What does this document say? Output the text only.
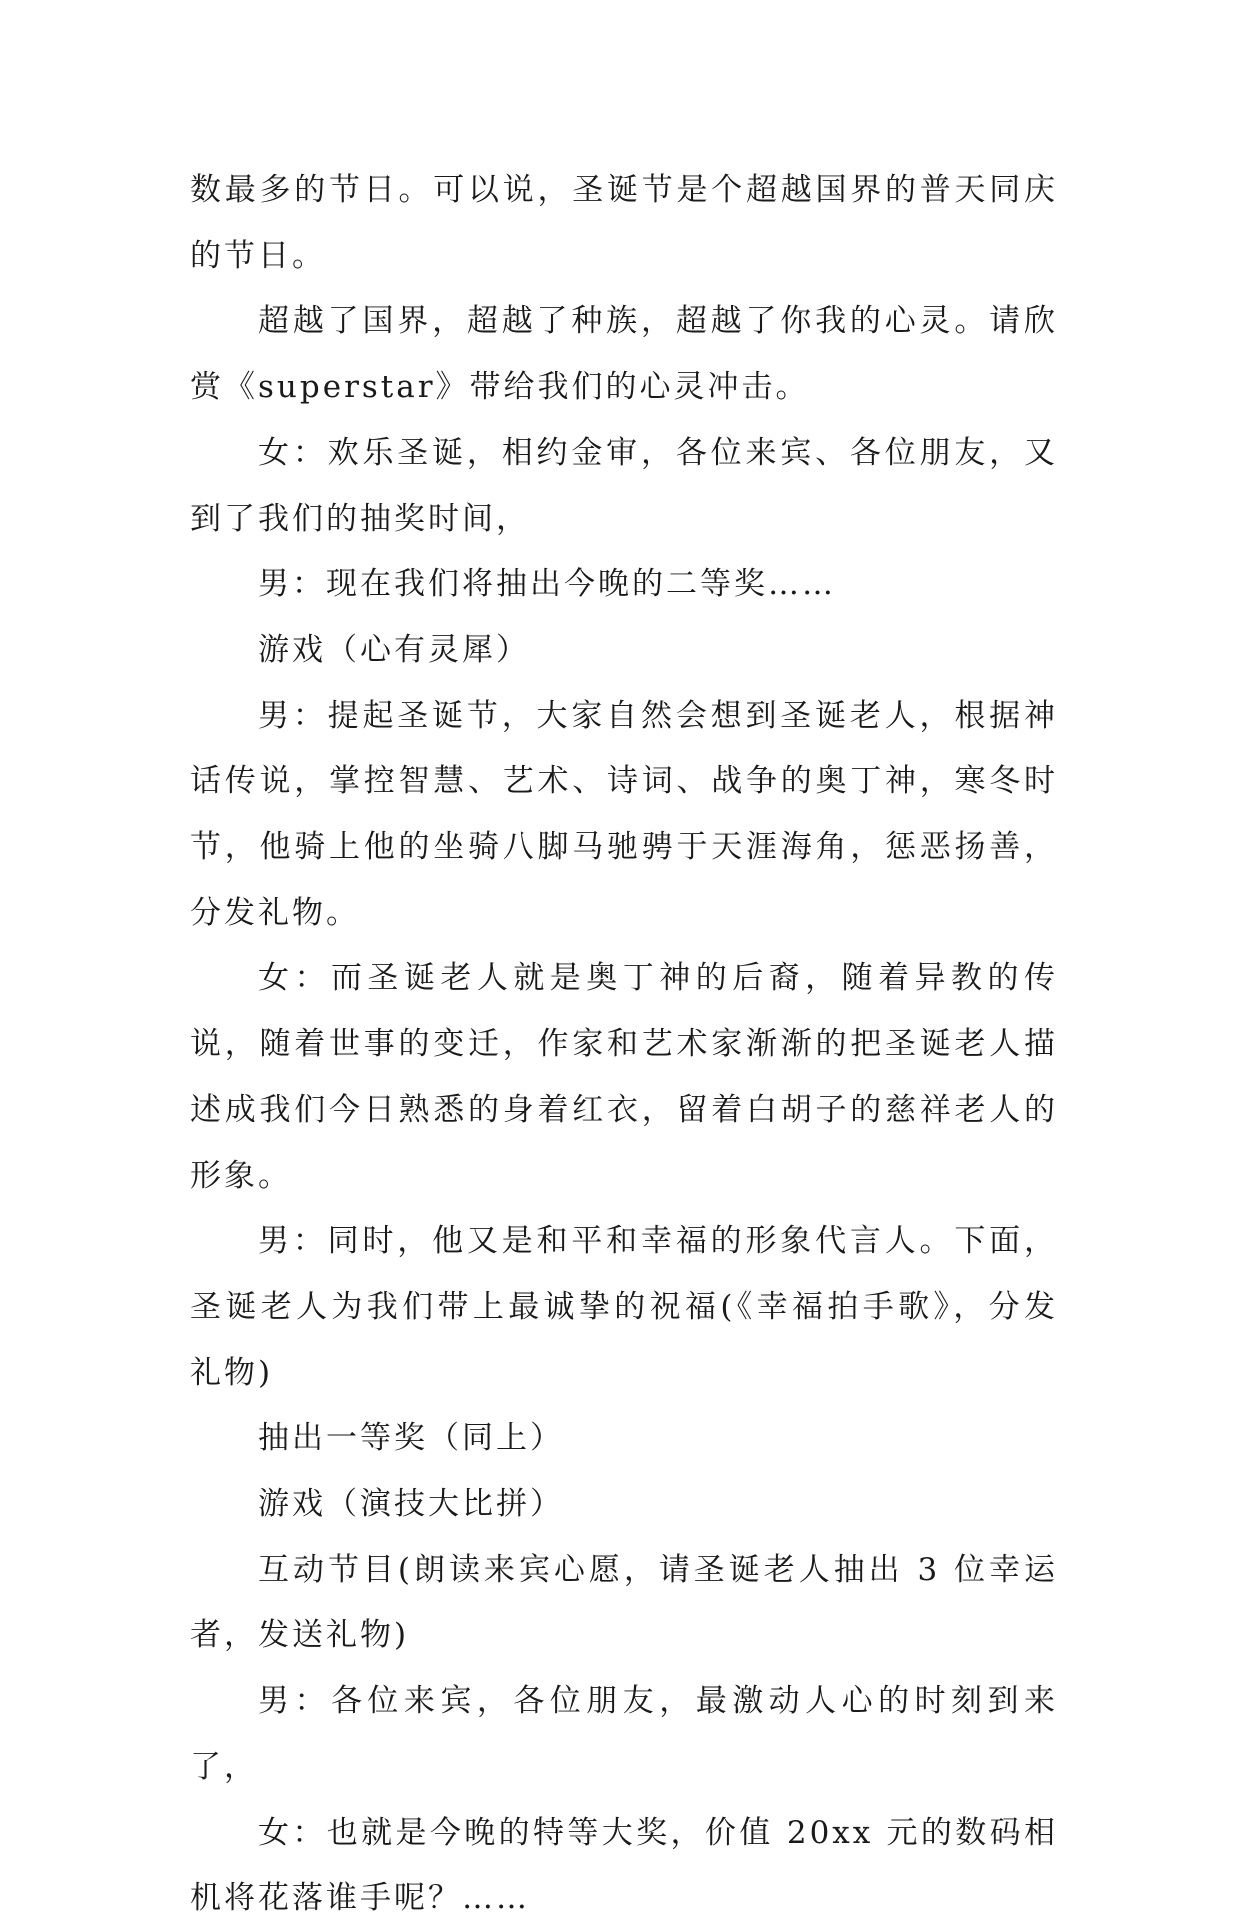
数最多的节日。可以说，圣诞节是个超越国界的普天同庆的节日。

超越了国界，超越了种族，超越了你我的心灵。请欣赏《superstar》带给我们的心灵冲击。

女：欢乐圣诞，相约金审，各位来宾、各位朋友，又到了我们的抽奖时间，

男：现在我们将抽出今晚的二等奖……

游戏（心有灵犀）

男：提起圣诞节，大家自然会想到圣诞老人，根据神话传说，掌控智慧、艺术、诗词、战争的奥丁神，寒冬时节，他骑上他的坐骑八脚马驰骋于天涯海角，惩恶扬善，分发礼物。

女：而圣诞老人就是奥丁神的后裔，随着异教的传说，随着世事的变迁，作家和艺术家渐渐的把圣诞老人描述成我们今日熟悉的身着红衣，留着白胡子的慈祥老人的形象。

男：同时，他又是和平和幸福的形象代言人。下面，圣诞老人为我们带上最诚挚的祝福(《幸福拍手歌》，分发礼物)

抽出一等奖（同上）

游戏（演技大比拼）

互动节目(朗读来宾心愿，请圣诞老人抽出 3 位幸运者，发送礼物)

男：各位来宾，各位朋友，最激动人心的时刻到来了，

女：也就是今晚的特等大奖，价值 20xx 元的数码相机将花落谁手呢？……
